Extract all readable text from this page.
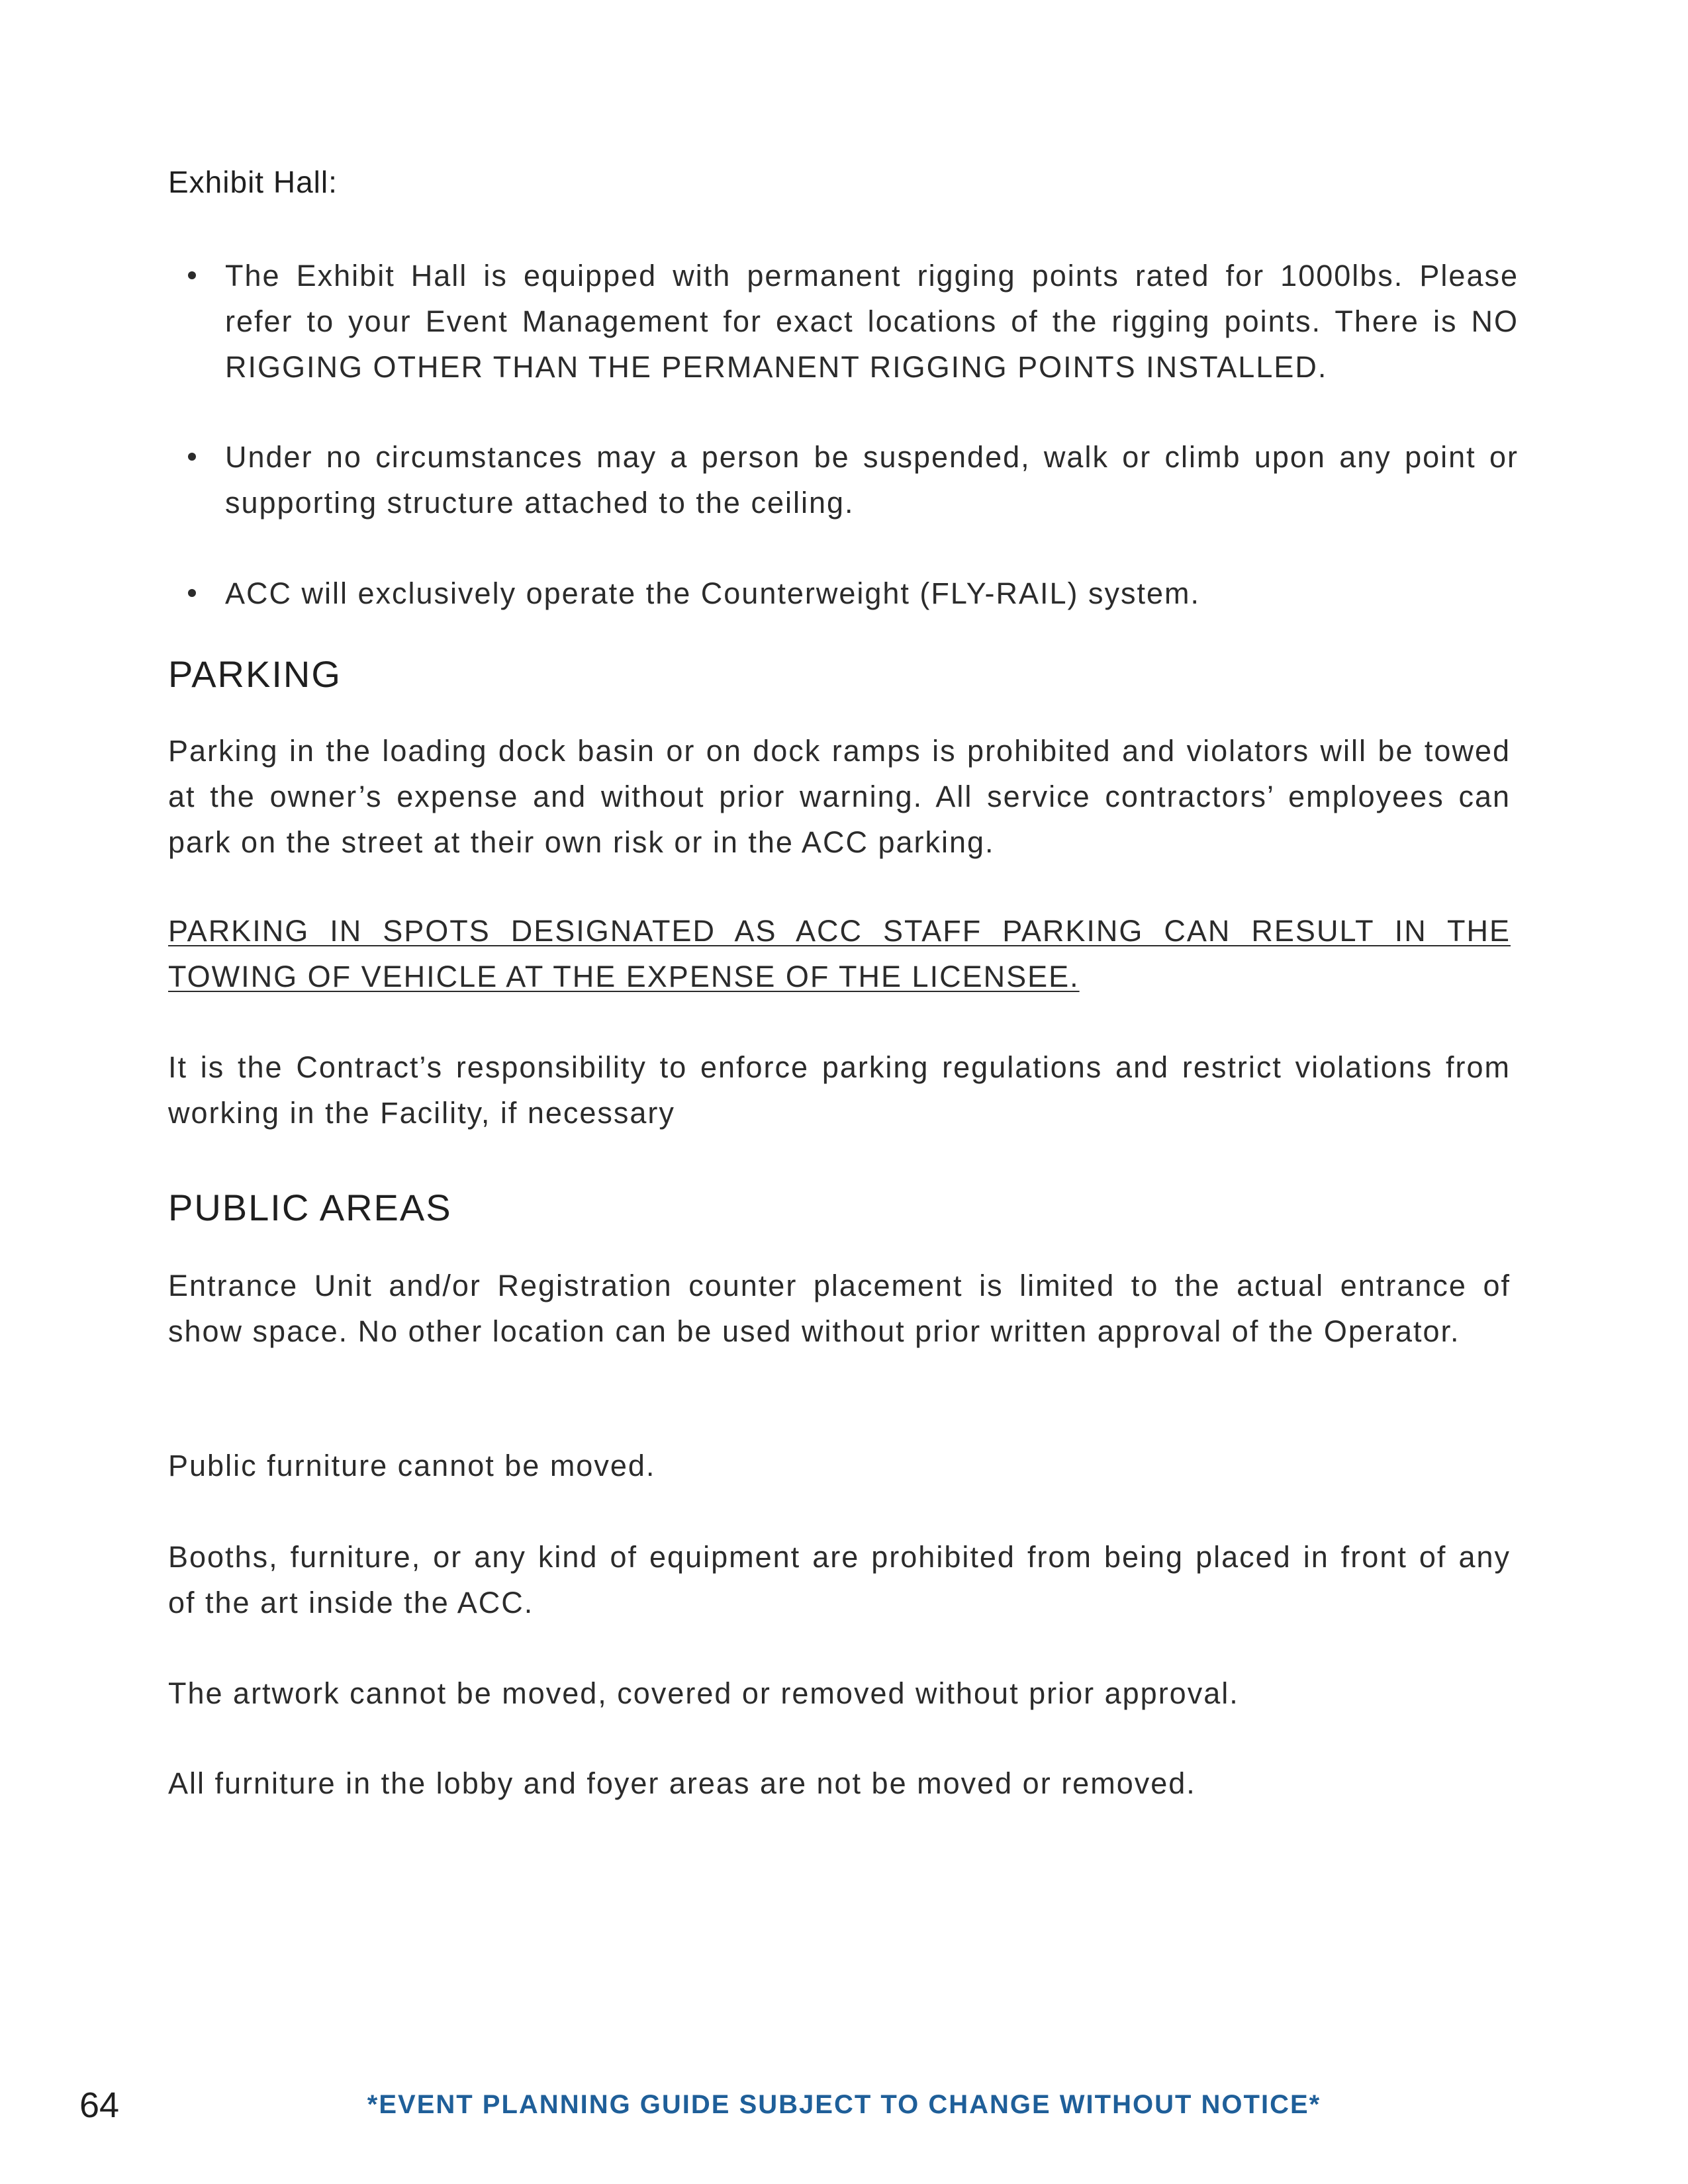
Exhibit Hall:

The Exhibit Hall is equipped with permanent rigging points rated for 1000lbs. Please refer to your Event Management for exact locations of the rigging points. There is NO RIGGING OTHER THAN THE PERMANENT RIGGING POINTS INSTALLED.

Under no circumstances may a person be suspended, walk or climb upon any point or supporting structure attached to the ceiling.

ACC will exclusively operate the Counterweight (FLY-RAIL) system.

PARKING

Parking in the loading dock basin or on dock ramps is prohibited and violators will be towed at the owner’s expense and without prior warning. All service contractors’ employees can park on the street at their own risk or in the ACC parking.

PARKING IN SPOTS DESIGNATED AS ACC STAFF PARKING CAN RESULT IN THE TOWING OF VEHICLE AT THE EXPENSE OF THE LICENSEE.

It is the Contract’s responsibility to enforce parking regulations and restrict violations from working in the Facility, if necessary

PUBLIC AREAS

Entrance Unit and/or Registration counter placement is limited to the actual entrance of show space. No other location can be used without prior written approval of the Operator.

Public furniture cannot be moved.

Booths, furniture, or any kind of equipment are prohibited from being placed in front of any of the art inside the ACC.

The artwork cannot be moved, covered or removed without prior approval.

All furniture in the lobby and foyer areas are not be moved or removed.

64	*EVENT PLANNING GUIDE SUBJECT TO CHANGE WITHOUT NOTICE*
